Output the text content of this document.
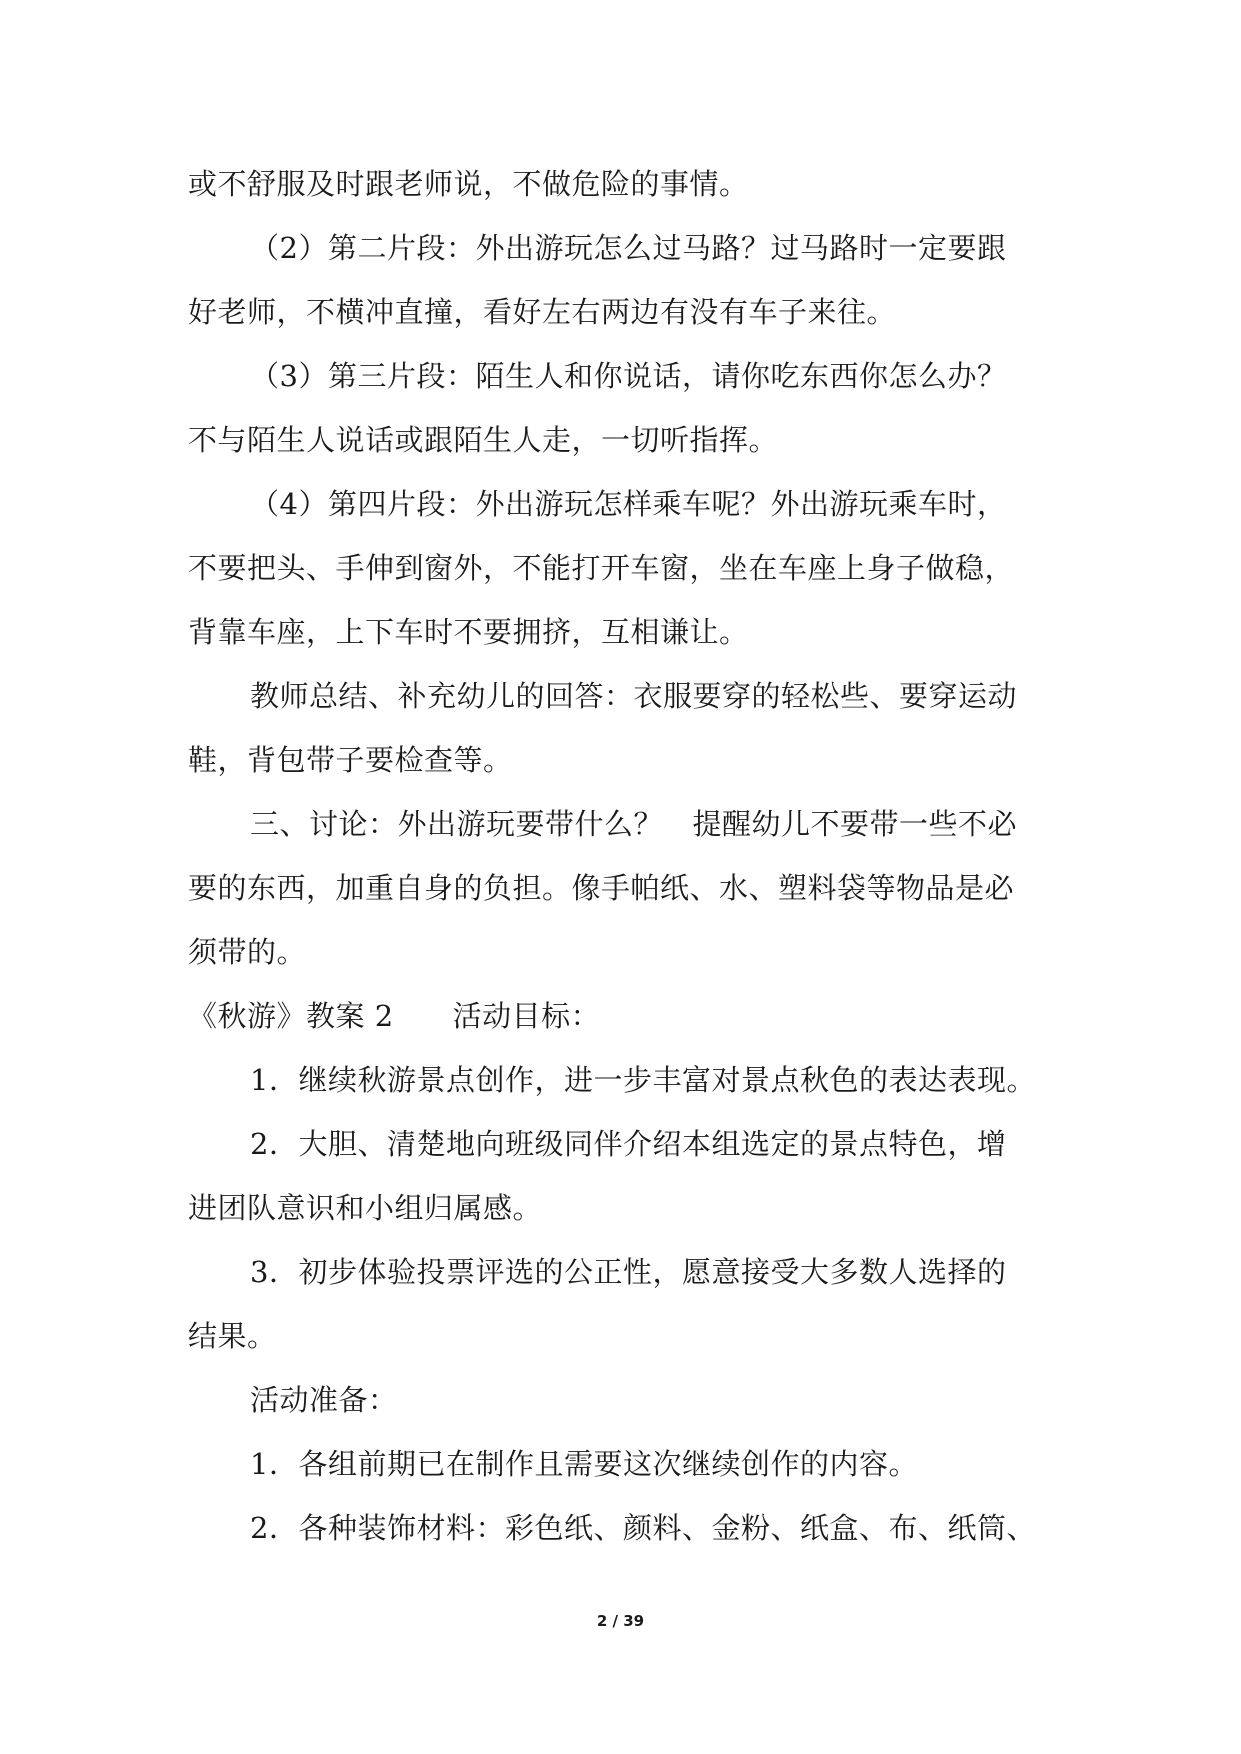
或不舒服及时跟老师说，不做危险的事情。
（2）第二片段：外出游玩怎么过马路？过马路时一定要跟
好老师，不横冲直撞，看好左右两边有没有车子来往。
（3）第三片段：陌生人和你说话，请你吃东西你怎么办？
不与陌生人说话或跟陌生人走，一切听指挥。
（4）第四片段：外出游玩怎样乘车呢？外出游玩乘车时，
不要把头、手伸到窗外，不能打开车窗，坐在车座上身子做稳，
背靠车座，上下车时不要拥挤，互相谦让。
教师总结、补充幼儿的回答：衣服要穿的轻松些、要穿运动
鞋，背包带子要检查等。
三、讨论：外出游玩要带什么？　提醒幼儿不要带一些不必
要的东西，加重自身的负担。像手帕纸、水、塑料袋等物品是必
须带的。
《秋游》教案 2　　活动目标：
1．继续秋游景点创作，进一步丰富对景点秋色的表达表现。
2．大胆、清楚地向班级同伴介绍本组选定的景点特色，增
进团队意识和小组归属感。
3．初步体验投票评选的公正性，愿意接受大多数人选择的
结果。
活动准备：
1．各组前期已在制作且需要这次继续创作的内容。
2．各种装饰材料：彩色纸、颜料、金粉、纸盒、布、纸筒、
2 / 39
